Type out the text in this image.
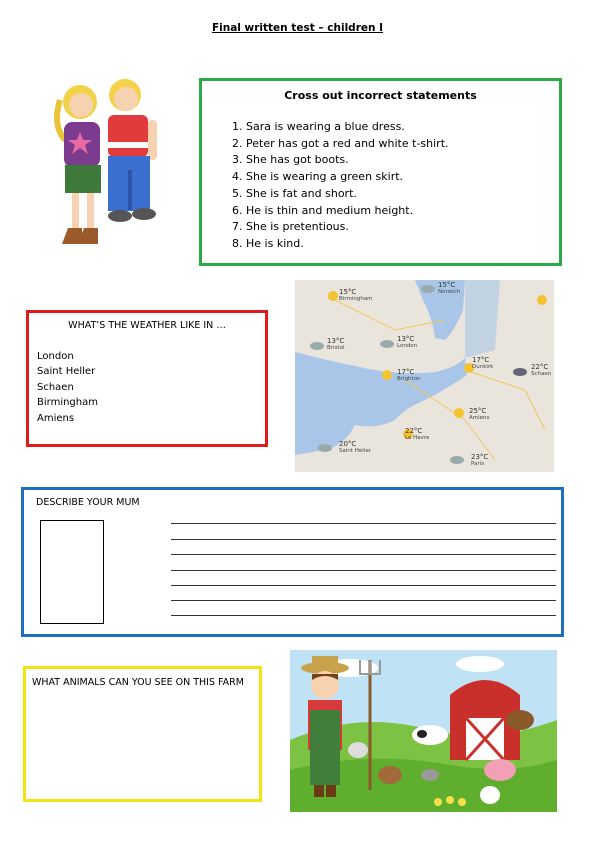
Final written test – children I
Cross out incorrect statements
1. Sara is wearing a blue dress.
2. Peter has got a red and white t-shirt.
3. She has got boots.
4. She is wearing a green skirt.
5. She is fat and short.
6. He is thin and medium height.
7. She is pretentious.
8. He is kind.
WHAT’S THE WEATHER LIKE IN …
London
Saint Heller
Schaen
Birmingham
Amiens
15°C
Birmingham
15°C
Norwich
13°C
Bristol
13°C
London
17°C
Brighton
17°C
Dunkirk	22°C
Schaen
25°C
Amiens
22°C
Le Havre
20°C
Saint Helier
23°C
Paris
DESCRIBE YOUR MUM
WHAT ANIMALS CAN YOU SEE ON THIS FARM
